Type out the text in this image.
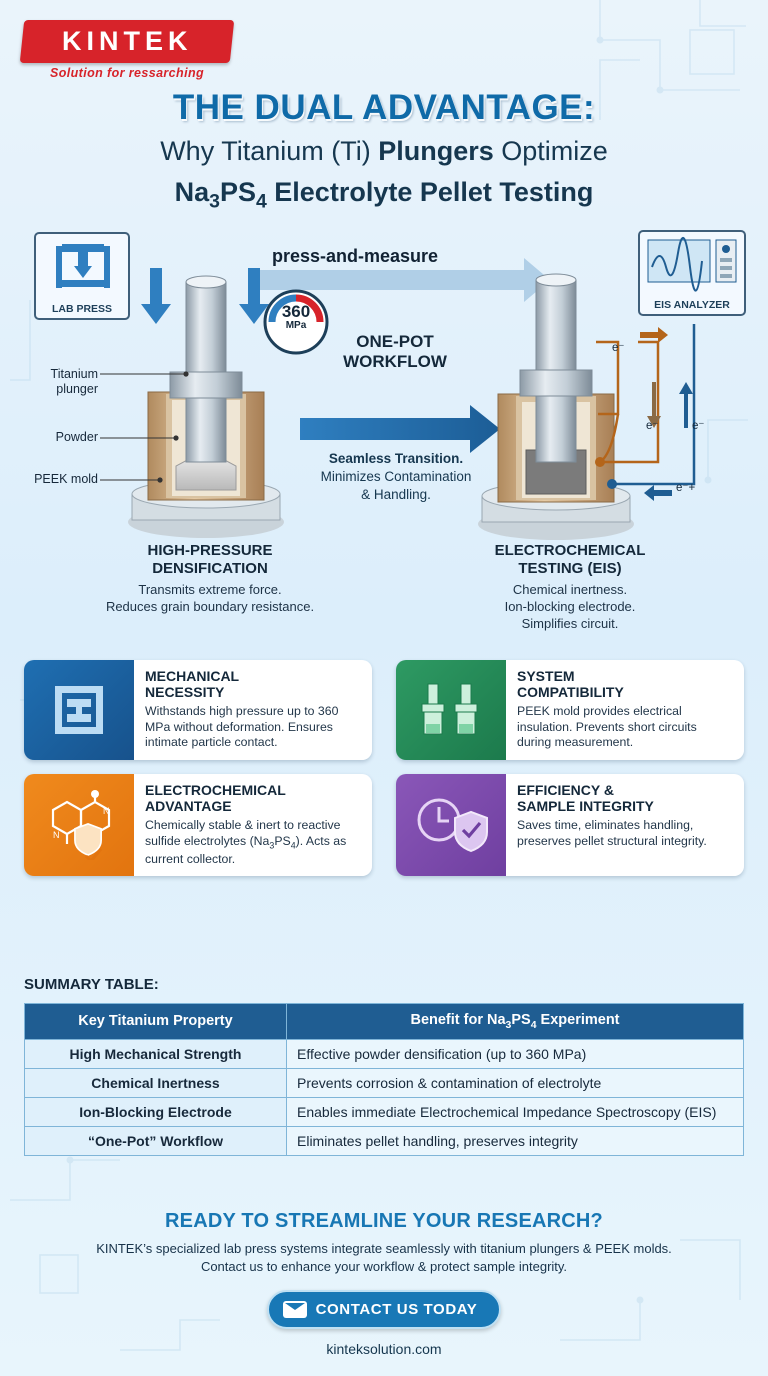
KINTEK
Solution for ressarching
THE DUAL ADVANTAGE:
Why Titanium (Ti) Plungers Optimize
$Na_3PS_4$ Electrolyte Pellet Testing
LAB PRESS	EIS ANALYZER
press-and-measure
360
MPa
ONE-POT
WORKFLOW
Seamless Transition.
Minimizes Contamination
& Handling.
Titanium
plunger
Powder
PEEK mold
e⁻
e⁻	e⁻
e⁻+
HIGH-PRESSURE
DENSIFICATION
Transmits extreme force.
Reduces grain boundary resistance.
ELECTROCHEMICAL
TESTING (EIS)
Chemical inertness.
Ion-blocking electrode.
Simplifies circuit.
MECHANICAL
NECESSITY
Withstands high pressure up to 360 MPa without deformation. Ensures intimate particle contact.
SYSTEM
COMPATIBILITY
PEEK mold provides electrical insulation. Prevents short circuits during measurement.
N
N
ELECTROCHEMICAL
ADVANTAGE
Chemically stable & inert to reactive sulfide electrolytes $(Na_3PS_4)$. Acts as current collector.
EFFICIENCY &
SAMPLE INTEGRITY
Saves time, eliminates handling, preserves pellet structural integrity.
SUMMARY TABLE:
Key Titanium Property	Benefit for $Na_3PS_4$ Experiment
High Mechanical Strength	Effective powder densification (up to 360 MPa)
Chemical Inertness	Prevents corrosion & contamination of electrolyte
Ion-Blocking Electrode	Enables immediate Electrochemical Impedance Spectroscopy (EIS)
“One-Pot” Workflow	Eliminates pellet handling, preserves integrity
READY TO STREAMLINE YOUR RESEARCH?
KINTEK’s specialized lab press systems integrate seamlessly with titanium plungers & PEEK molds.
Contact us to enhance your workflow & protect sample integrity.
CONTACT US TODAY
kinteksolution.com
